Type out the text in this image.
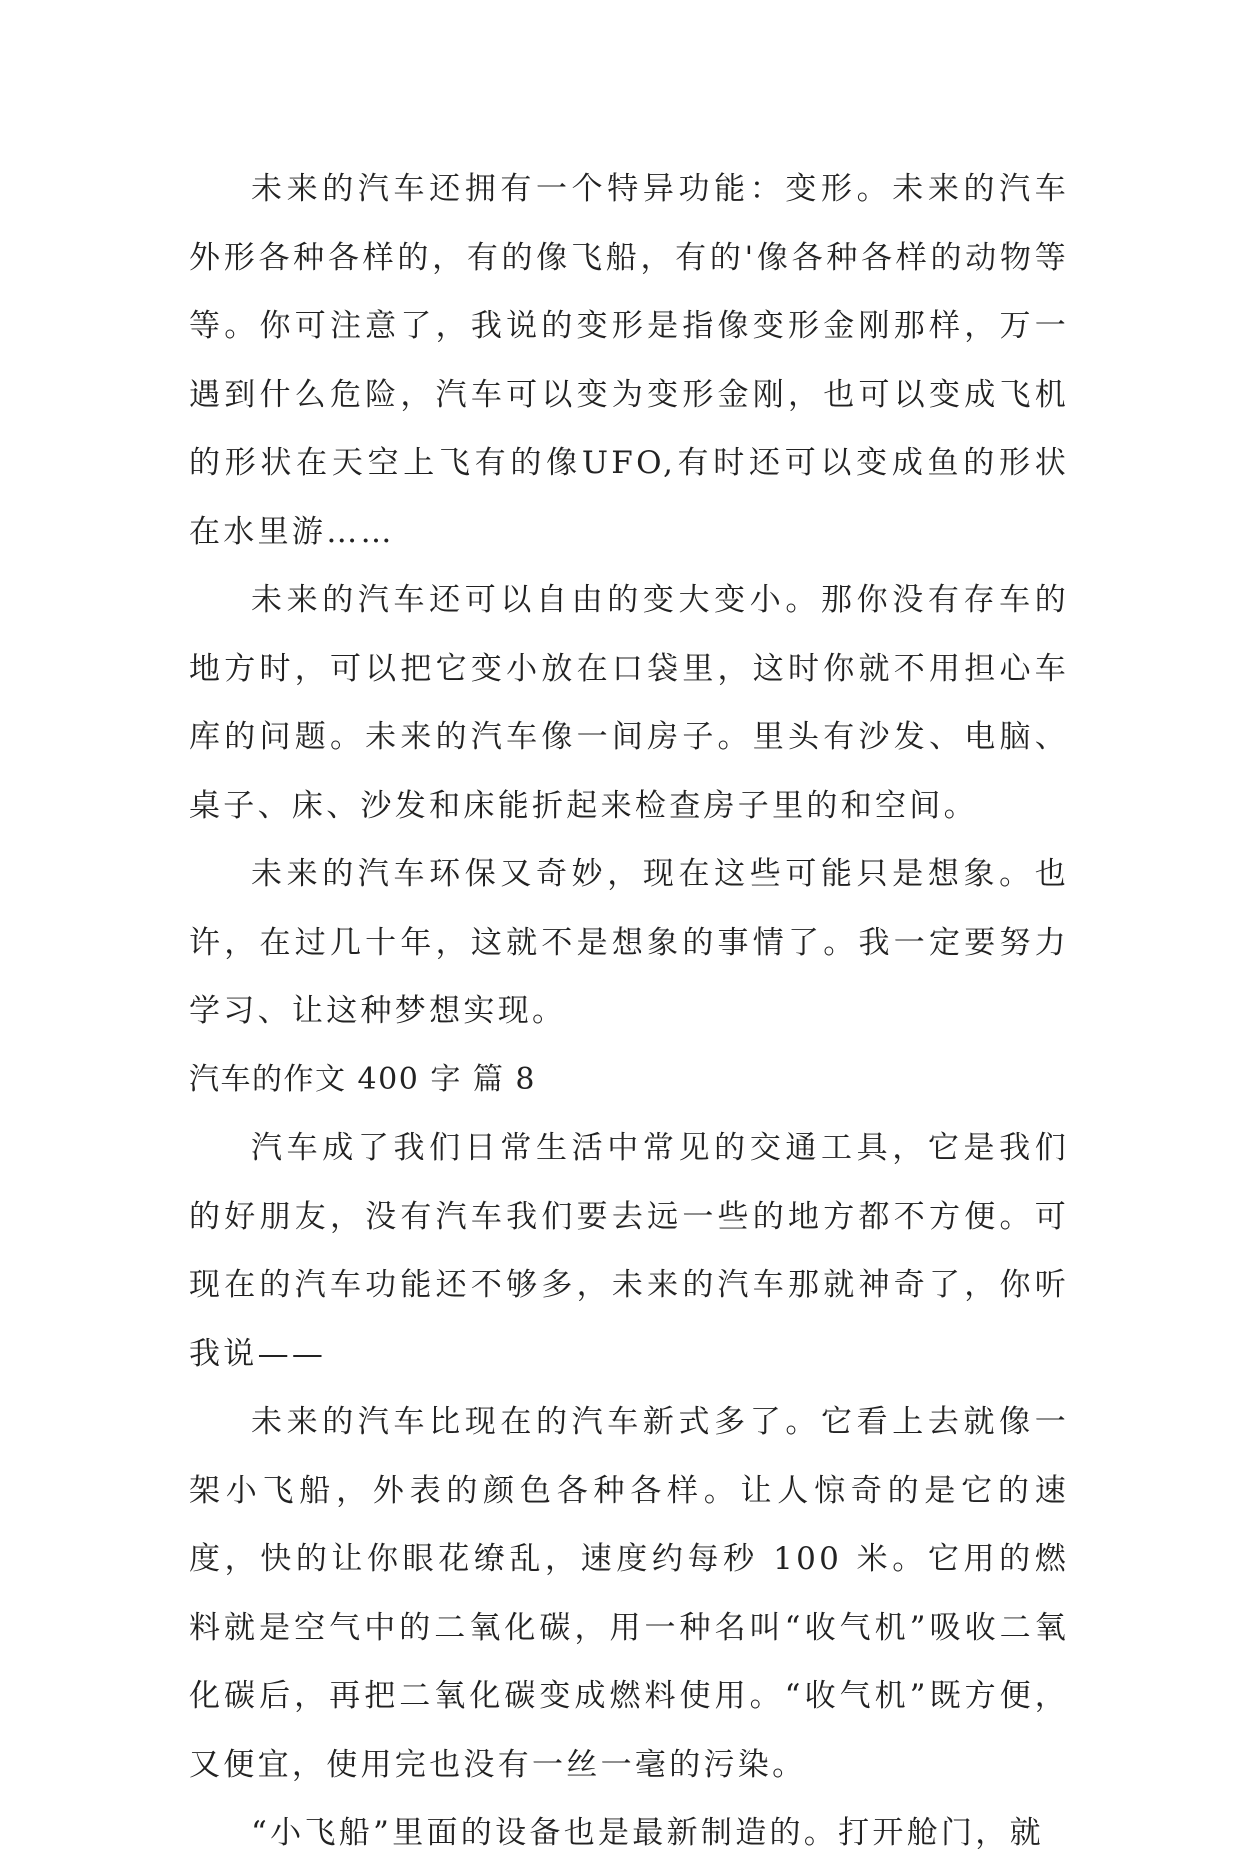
未来的汽车还拥有一个特异功能：变形。未来的汽车外形各种各样的，有的像飞船，有的'像各种各样的动物等等。你可注意了，我说的变形是指像变形金刚那样，万一遇到什么危险，汽车可以变为变形金刚，也可以变成飞机的形状在天空上飞有的像UFO,有时还可以变成鱼的形状在水里游……

未来的汽车还可以自由的变大变小。那你没有存车的地方时，可以把它变小放在口袋里，这时你就不用担心车库的问题。未来的汽车像一间房子。里头有沙发、电脑、桌子、床、沙发和床能折起来检查房子里的和空间。

未来的汽车环保又奇妙，现在这些可能只是想象。也许，在过几十年，这就不是想象的事情了。我一定要努力学习、让这种梦想实现。

汽车的作文 400 字 篇 8

汽车成了我们日常生活中常见的交通工具，它是我们的好朋友，没有汽车我们要去远一些的地方都不方便。可现在的汽车功能还不够多，未来的汽车那就神奇了，你听我说——

未来的汽车比现在的汽车新式多了。它看上去就像一架小飞船，外表的颜色各种各样。让人惊奇的是它的速度，快的让你眼花缭乱，速度约每秒 100 米。它用的燃料就是空气中的二氧化碳，用一种名叫“收气机”吸收二氧化碳后，再把二氧化碳变成燃料使用。“收气机”既方便，又便宜，使用完也没有一丝一毫的污染。

“小飞船”里面的设备也是最新制造的。打开舱门，就
